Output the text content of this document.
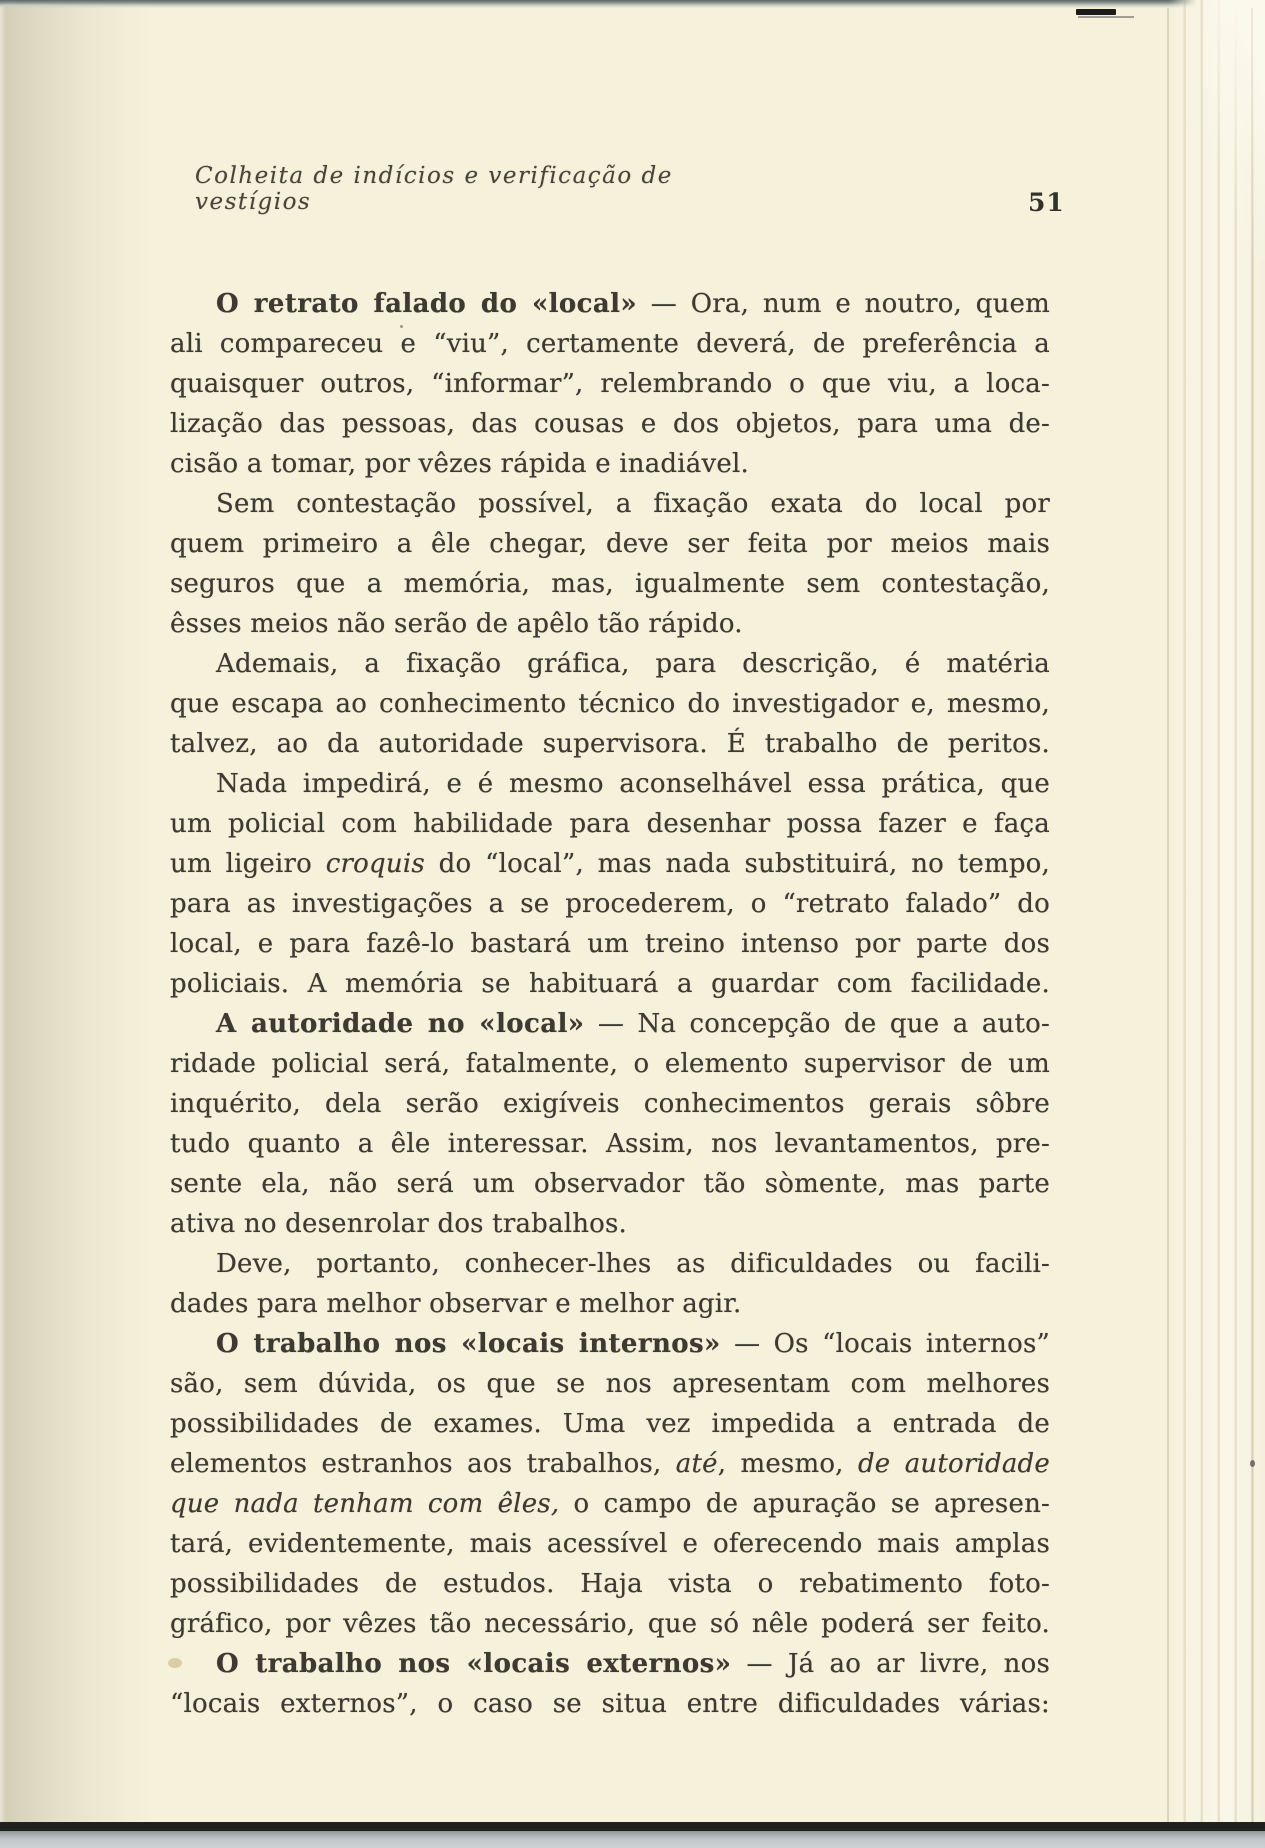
Colheita de indícios e verificação de vestígios	51
O retrato falado do «local» — Ora, num e noutro, quem
ali compareceu e “viu”, certamente deverá, de preferência a
quaisquer outros, “informar”, relembrando o que viu, a loca-
lização das pessoas, das cousas e dos objetos, para uma de-
cisão a tomar, por vêzes rápida e inadiável.
Sem contestação possível, a fixação exata do local por
quem primeiro a êle chegar, deve ser feita por meios mais
seguros que a memória, mas, igualmente sem contestação,
êsses meios não serão de apêlo tão rápido.
Ademais, a fixação gráfica, para descrição, é matéria
que escapa ao conhecimento técnico do investigador e, mesmo,
talvez, ao da autoridade supervisora. É trabalho de peritos.
Nada impedirá, e é mesmo aconselhável essa prática, que
um policial com habilidade para desenhar possa fazer e faça
um ligeiro croquis do “local”, mas nada substituirá, no tempo,
para as investigações a se procederem, o “retrato falado” do
local, e para fazê-lo bastará um treino intenso por parte dos
policiais. A memória se habituará a guardar com facilidade.
A autoridade no «local» — Na concepção de que a auto-
ridade policial será, fatalmente, o elemento supervisor de um
inquérito, dela serão exigíveis conhecimentos gerais sôbre
tudo quanto a êle interessar. Assim, nos levantamentos, pre-
sente ela, não será um observador tão sòmente, mas parte
ativa no desenrolar dos trabalhos.
Deve, portanto, conhecer-lhes as dificuldades ou facili-
dades para melhor observar e melhor agir.
O trabalho nos «locais internos» — Os “locais internos”
são, sem dúvida, os que se nos apresentam com melhores
possibilidades de exames. Uma vez impedida a entrada de
elementos estranhos aos trabalhos, até, mesmo, de autoridade
que nada tenham com êles, o campo de apuração se apresen-
tará, evidentemente, mais acessível e oferecendo mais amplas
possibilidades de estudos. Haja vista o rebatimento foto-
gráfico, por vêzes tão necessário, que só nêle poderá ser feito.
O trabalho nos «locais externos» — Já ao ar livre, nos
“locais externos”, o caso se situa entre dificuldades várias:
